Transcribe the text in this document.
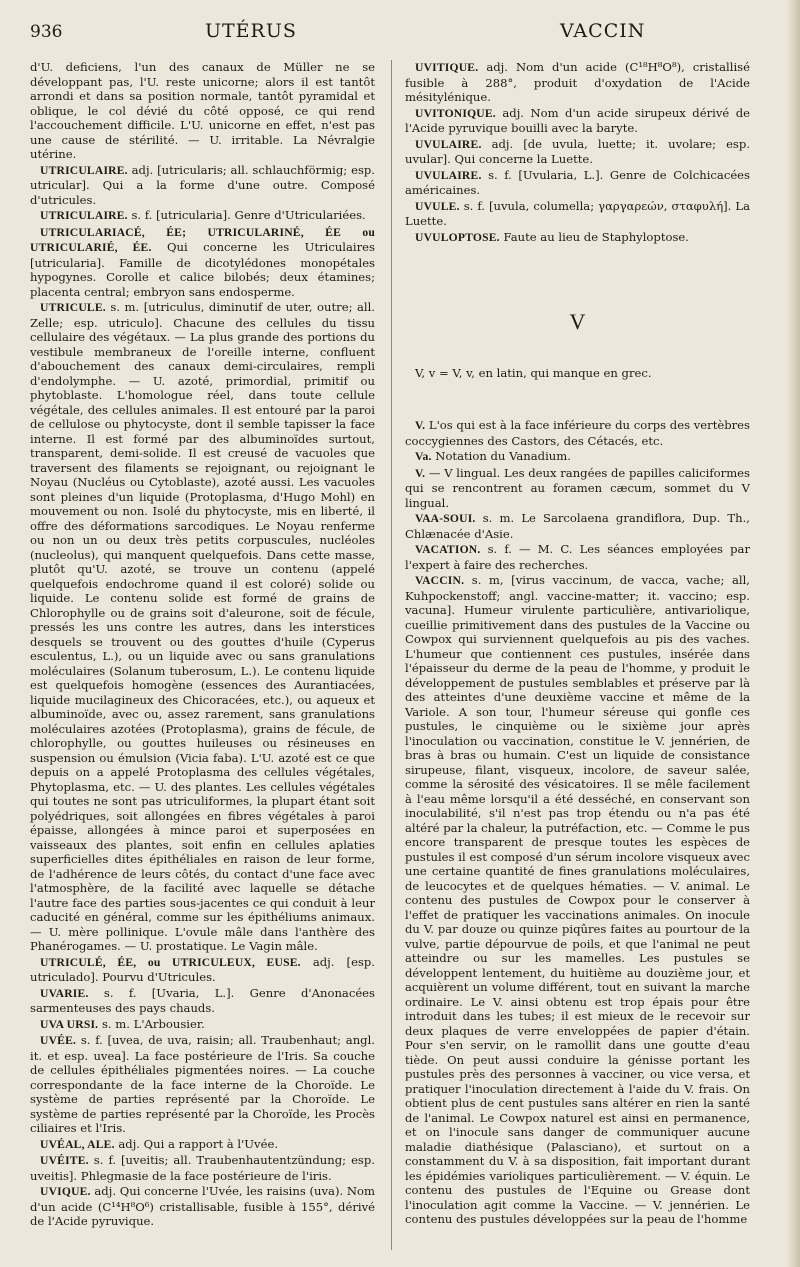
936	UTÉRUS	VACCIN

d'U. deficiens, l'un des canaux de Müller ne se développant pas, l'U. reste unicorne; alors il est tantôt arrondi et dans sa position normale, tantôt pyramidal et oblique, le col dévié du côté opposé, ce qui rend l'accouchement difficile. L'U. unicorne en effet, n'est pas une cause de stérilité. — U. irritable. La Névralgie utérine.

UTRICULAIRE. adj. [utricularis; all. schlauchförmig; esp. utricular]. Qui a la forme d'une outre. Composé d'utricules.

UTRICULAIRE. s. f. [utricularia]. Genre d'Utriculariées.

UTRICULARIACÉ, ÉE; UTRICULARINÉ, ÉE ou UTRICULARIÉ, ÉE. Qui concerne les Utriculaires [utricularia]. Famille de dicotylédones monopétales hypogynes. Corolle et calice bilobés; deux étamines; placenta central; embryon sans endosperme.

UTRICULE. s. m. [utriculus, diminutif de uter, outre; all. Zelle; esp. utriculo]. Chacune des cellules du tissu cellulaire des végétaux. — La plus grande des portions du vestibule membraneux de l'oreille interne, confluent d'abouchement des canaux demi-circulaires, rempli d'endolymphe. — U. azoté, primordial, primitif ou phytoblaste. L'homologue réel, dans toute cellule végétale, des cellules animales. Il est entouré par la paroi de cellulose ou phytocyste, dont il semble tapisser la face interne. Il est formé par des albuminoïdes surtout, transparent, demi-solide. Il est creusé de vacuoles que traversent des filaments se rejoignant, ou rejoignant le Noyau (Nucléus ou Cytoblaste), azoté aussi. Les vacuoles sont pleines d'un liquide (Protoplasma, d'Hugo Mohl) en mouvement ou non. Isolé du phytocyste, mis en liberté, il offre des déformations sarcodiques. Le Noyau renferme ou non un ou deux très petits corpuscules, nucléoles (nucleolus), qui manquent quelquefois. Dans cette masse, plutôt qu'U. azoté, se trouve un contenu (appelé quelquefois endochrome quand il est coloré) solide ou liquide. Le contenu solide est formé de grains de Chlorophylle ou de grains soit d'aleurone, soit de fécule, pressés les uns contre les autres, dans les interstices desquels se trouvent ou des gouttes d'huile (Cyperus esculentus, L.), ou un liquide avec ou sans granulations moléculaires (Solanum tuberosum, L.). Le contenu liquide est quelquefois homogène (essences des Aurantiacées, liquide mucilagineux des Chicoracées, etc.), ou aqueux et albuminoïde, avec ou, assez rarement, sans granulations moléculaires azotées (Protoplasma), grains de fécule, de chlorophylle, ou gouttes huileuses ou résineuses en suspension ou émulsion (Vicia faba). L'U. azoté est ce que depuis on a appelé Protoplasma des cellules végétales, Phytoplasma, etc. — U. des plantes. Les cellules végétales qui toutes ne sont pas utriculiformes, la plupart étant soit polyédriques, soit allongées en fibres végétales à paroi épaisse, allongées à mince paroi et superposées en vaisseaux des plantes, soit enfin en cellules aplaties superficielles dites épithéliales en raison de leur forme, de l'adhérence de leurs côtés, du contact d'une face avec l'atmosphère, de la facilité avec laquelle se détache l'autre face des parties sous-jacentes ce qui conduit à leur caducité en général, comme sur les épithéliums animaux. — U. mère pollinique. L'ovule mâle dans l'anthère des Phanérogames. — U. prostatique. Le Vagin mâle.

UTRICULÉ, ÉE, ou UTRICULEUX, EUSE. adj. [esp. utriculado]. Pourvu d'Utricules.

UVARIE. s. f. [Uvaria, L.]. Genre d'Anonacées sarmenteuses des pays chauds.

UVA URSI. s. m. L'Arbousier.

UVÉE. s. f. [uvea, de uva, raisin; all. Traubenhaut; angl. it. et esp. uvea]. La face postérieure de l'Iris. Sa couche de cellules épithéliales pigmentées noires. — La couche correspondante de la face interne de la Choroïde. Le système de parties représenté par la Choroïde. Le système de parties représenté par la Choroïde, les Procès ciliaires et l'Iris.

UVÉAL, ALE. adj. Qui a rapport à l'Uvée.

UVÉITE. s. f. [uveitis; all. Traubenhautentzündung; esp. uveitis]. Phlegmasie de la face postérieure de l'iris.

UVIQUE. adj. Qui concerne l'Uvée, les raisins (uva). Nom d'un acide (C¹⁴H⁸O⁶) cristallisable, fusible à 155°, dérivé de l'Acide pyruvique.

UVITIQUE. adj. Nom d'un acide (C¹⁸H⁸O⁸), cristallisé fusible à 288°, produit d'oxydation de l'Acide mésitylénique.

UVITONIQUE. adj. Nom d'un acide sirupeux dérivé de l'Acide pyruvique bouilli avec la baryte.

UVULAIRE. adj. [de uvula, luette; it. uvolare; esp. uvular]. Qui concerne la Luette.

UVULAIRE. s. f. [Uvularia, L.]. Genre de Colchicacées américaines.

UVULE. s. f. [uvula, columella; γαργαρεών, σταφυλή]. La Luette.

UVULOPTOSE. Faute au lieu de Staphyloptose.

V

V, v = V, v, en latin, qui manque en grec.

V. L'os qui est à la face inférieure du corps des vertèbres coccygiennes des Castors, des Cétacés, etc.

Va. Notation du Vanadium.

V. — V lingual. Les deux rangées de papilles caliciformes qui se rencontrent au foramen cæcum, sommet du V lingual.

VAA-SOUI. s. m. Le Sarcolaena grandiflora, Dup. Th., Chlænacée d'Asie.

VACATION. s. f. — M. C. Les séances employées par l'expert à faire des recherches.

VACCIN. s. m, [virus vaccinum, de vacca, vache; all, Kuhpockenstoff; angl. vaccine-matter; it. vaccino; esp. vacuna]. Humeur virulente particulière, antivariolique, cueillie primitivement dans des pustules de la Vaccine ou Cowpox qui surviennent quelquefois au pis des vaches. L'humeur que contiennent ces pustules, insérée dans l'épaisseur du derme de la peau de l'homme, y produit le développement de pustules semblables et préserve par là des atteintes d'une deuxième vaccine et même de la Variole. A son tour, l'humeur séreuse qui gonfle ces pustules, le cinquième ou le sixième jour après l'inoculation ou vaccination, constitue le V. jennérien, de bras à bras ou humain. C'est un liquide de consistance sirupeuse, filant, visqueux, incolore, de saveur salée, comme la sérosité des vésicatoires. Il se mêle facilement à l'eau même lorsqu'il a été desséché, en conservant son inoculabilité, s'il n'est pas trop étendu ou n'a pas été altéré par la chaleur, la putréfaction, etc. — Comme le pus encore transparent de presque toutes les espèces de pustules il est composé d'un sérum incolore visqueux avec une certaine quantité de fines granulations moléculaires, de leucocytes et de quelques hématies. — V. animal. Le contenu des pustules de Cowpox pour le conserver à l'effet de pratiquer les vaccinations animales. On inocule du V. par douze ou quinze piqûres faites au pourtour de la vulve, partie dépourvue de poils, et que l'animal ne peut atteindre ou sur les mamelles. Les pustules se développent lentement, du huitième au douzième jour, et acquièrent un volume différent, tout en suivant la marche ordinaire. Le V. ainsi obtenu est trop épais pour être introduit dans les tubes; il est mieux de le recevoir sur deux plaques de verre enveloppées de papier d'étain. Pour s'en servir, on le ramollit dans une goutte d'eau tiède. On peut aussi conduire la génisse portant les pustules près des personnes à vacciner, ou vice versa, et pratiquer l'inoculation directement à l'aide du V. frais. On obtient plus de cent pustules sans altérer en rien la santé de l'animal. Le Cowpox naturel est ainsi en permanence, et on l'inocule sans danger de communiquer aucune maladie diathésique (Palasciano), et surtout on a constamment du V. à sa disposition, fait important durant les épidémies varioliques particulièrement. — V. équin. Le contenu des pustules de l'Equine ou Grease dont l'inoculation agit comme la Vaccine. — V. jennérien. Le contenu des pustules développées sur la peau de l'homme
